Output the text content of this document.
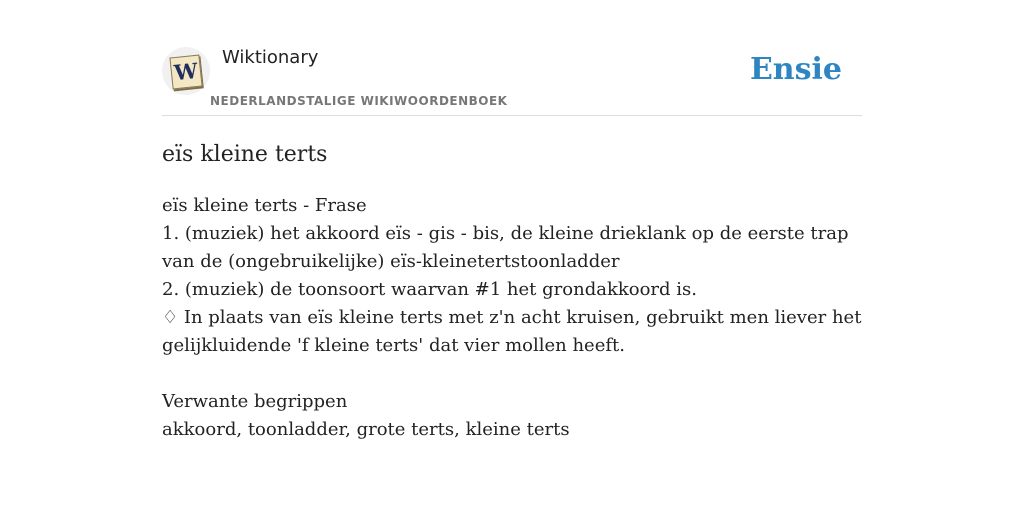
W
Wiktionary
NEDERLANDSTALIGE WIKIWOORDENBOEK
Ensie
eïs kleine terts
eïs kleine terts - Frase
1. (muziek) het akkoord eïs - gis - bis, de kleine drieklank op de eerste trap van de (ongebruikelijke) eïs-kleinetertstoonladder
2. (muziek) de toonsoort waarvan #1 het grondakkoord is.
♢ In plaats van eïs kleine terts met z'n acht kruisen, gebruikt men liever het gelijkluidende 'f kleine terts' dat vier mollen heeft.
Verwante begrippen
akkoord, toonladder, grote terts, kleine terts
